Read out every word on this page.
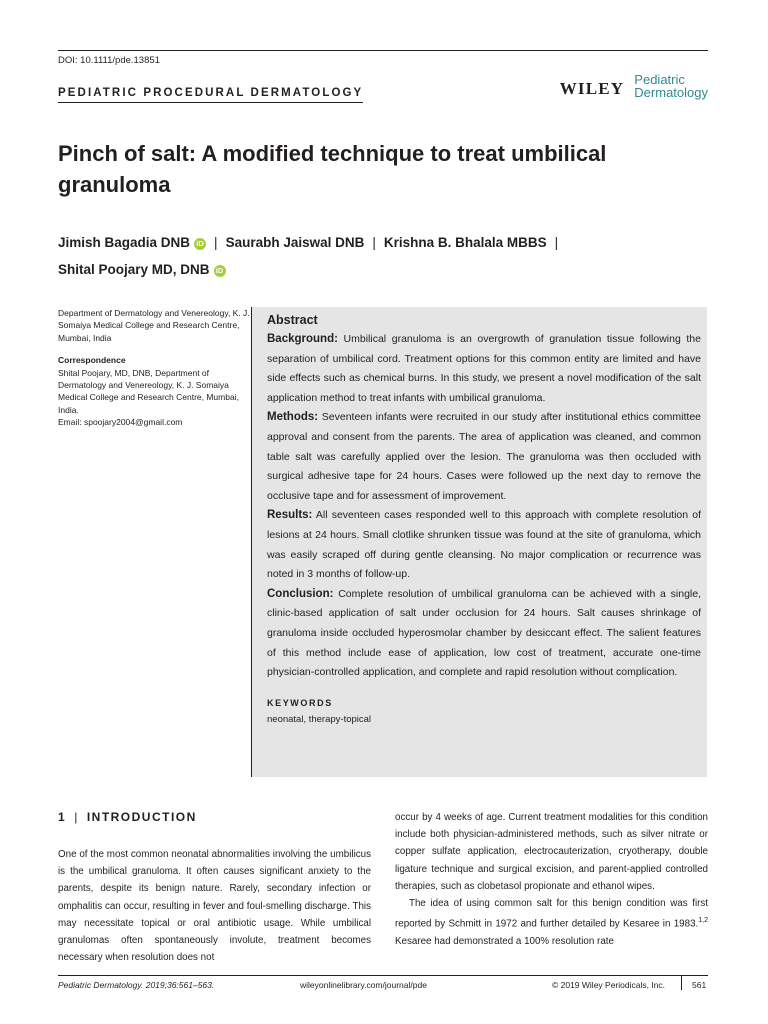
DOI: 10.1111/pde.13851
PEDIATRIC PROCEDURAL DERMATOLOGY	WILEY Pediatric
Dermatology
Pinch of salt: A modified technique to treat umbilical granuloma
Jimish Bagadia DNB iD | Saurabh Jaiswal DNB | Krishna B. Bhalala MBBS |
Shital Poojary MD, DNB iD
Department of Dermatology and Venereology, K. J. Somaiya Medical College and Research Centre, Mumbai, India
Correspondence
Shital Poojary, MD, DNB, Department of Dermatology and Venereology, K. J. Somaiya Medical College and Research Centre, Mumbai, India.
Email: spoojary2004@gmail.com
Abstract

Background: Umbilical granuloma is an overgrowth of granulation tissue following the separation of umbilical cord. Treatment options for this common entity are limited and have side effects such as chemical burns. In this study, we present a novel modification of the salt application method to treat infants with umbilical granuloma.

Methods: Seventeen infants were recruited in our study after institutional ethics committee approval and consent from the parents. The area of application was cleaned, and common table salt was carefully applied over the lesion. The granuloma was then occluded with surgical adhesive tape for 24 hours. Cases were followed up the next day to remove the occlusive tape and for assessment of improvement.

Results: All seventeen cases responded well to this approach with complete resolution of lesions at 24 hours. Small clotlike shrunken tissue was found at the site of granuloma, which was easily scraped off during gentle cleansing. No major complication or recurrence was noted in 3 months of follow-up.

Conclusion: Complete resolution of umbilical granuloma can be achieved with a single, clinic-based application of salt under occlusion for 24 hours. Salt causes shrinkage of granuloma inside occluded hyperosmolar chamber by desiccant effect. The salient features of this method include ease of application, low cost of treatment, accurate one-time physician-controlled application, and complete and rapid resolution without complication.

KEYWORDS
neonatal, therapy-topical
1 | INTRODUCTION

One of the most common neonatal abnormalities involving the umbilicus is the umbilical granuloma. It often causes significant anxiety to the parents, despite its benign nature. Rarely, secondary infection or omphalitis can occur, resulting in fever and foul-smelling discharge. This may necessitate topical or oral antibiotic usage. While umbilical granulomas often spontaneously involute, treatment becomes necessary when resolution does not

occur by 4 weeks of age. Current treatment modalities for this condition include both physician-administered methods, such as silver nitrate or copper sulfate application, electrocauterization, cryotherapy, double ligature technique and surgical excision, and parent-applied controlled therapies, such as clobetasol propionate and ethanol wipes.

The idea of using common salt for this benign condition was first reported by Schmitt in 1972 and further detailed by Kesaree in 1983.$^{1,2}$ Kesaree had demonstrated a 100% resolution rate

Pediatric Dermatology. 2019;36:561–563.	wileyonlinelibrary.com/journal/pde	© 2019 Wiley Periodicals, Inc.	561
